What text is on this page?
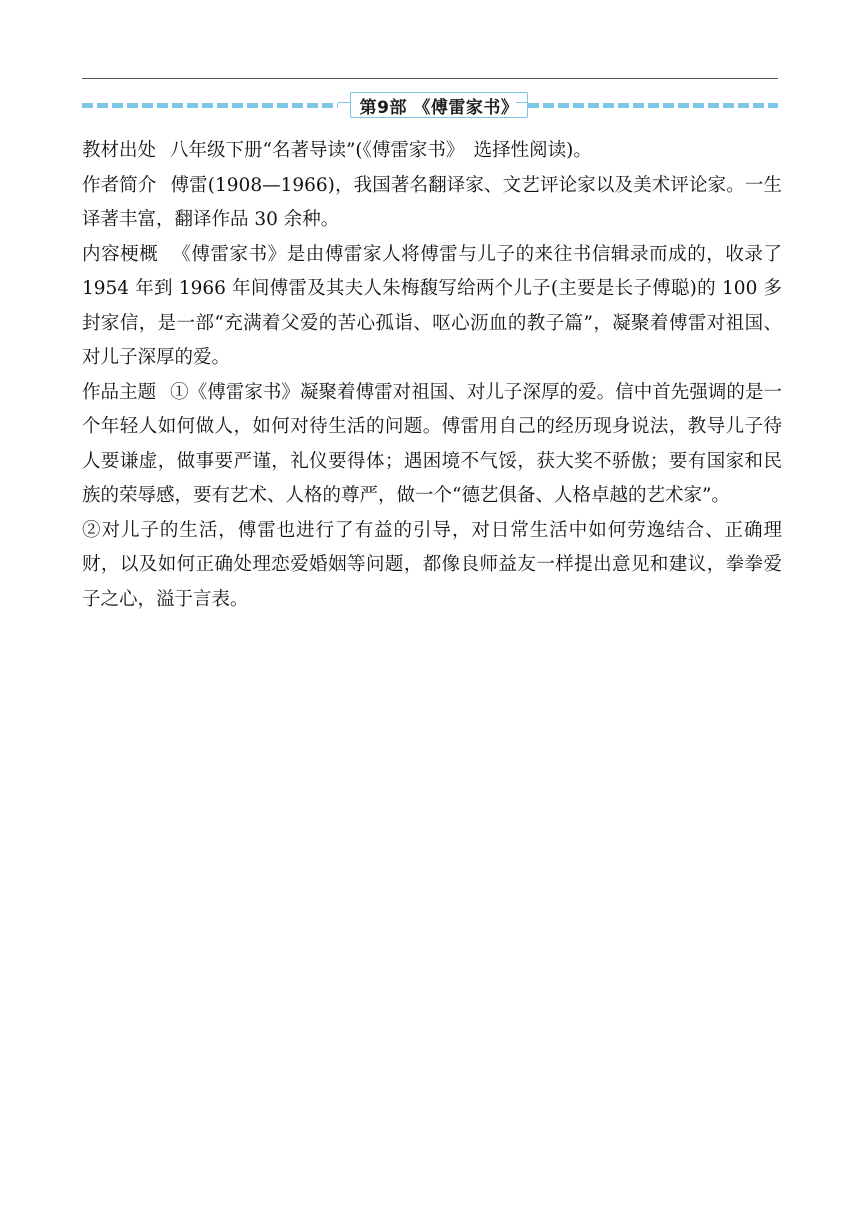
第9部 《傅雷家书》

教材出处 八年级下册“名著导读”(《傅雷家书》　选择性阅读)。

作者简介 傅雷(1908—1966)，我国著名翻译家、文艺评论家以及美术评论家。一生译著丰富，翻译作品 30 余种。

内容梗概 《傅雷家书》是由傅雷家人将傅雷与儿子的来往书信辑录而成的，收录了 1954 年到 1966 年间傅雷及其夫人朱梅馥写给两个儿子(主要是长子傅聪)的 100 多封家信，是一部“充满着父爱的苦心孤诣、呕心沥血的教子篇”，凝聚着傅雷对祖国、对儿子深厚的爱。

作品主题 ①《傅雷家书》凝聚着傅雷对祖国、对儿子深厚的爱。信中首先强调的是一个年轻人如何做人，如何对待生活的问题。傅雷用自己的经历现身说法，教导儿子待人要谦虚，做事要严谨，礼仪要得体；遇困境不气馁，获大奖不骄傲；要有国家和民族的荣辱感，要有艺术、人格的尊严，做一个“德艺俱备、人格卓越的艺术家”。

②对儿子的生活，傅雷也进行了有益的引导，对日常生活中如何劳逸结合、正确理财，以及如何正确处理恋爱婚姻等问题，都像良师益友一样提出意见和建议，拳拳爱子之心，溢于言表。
